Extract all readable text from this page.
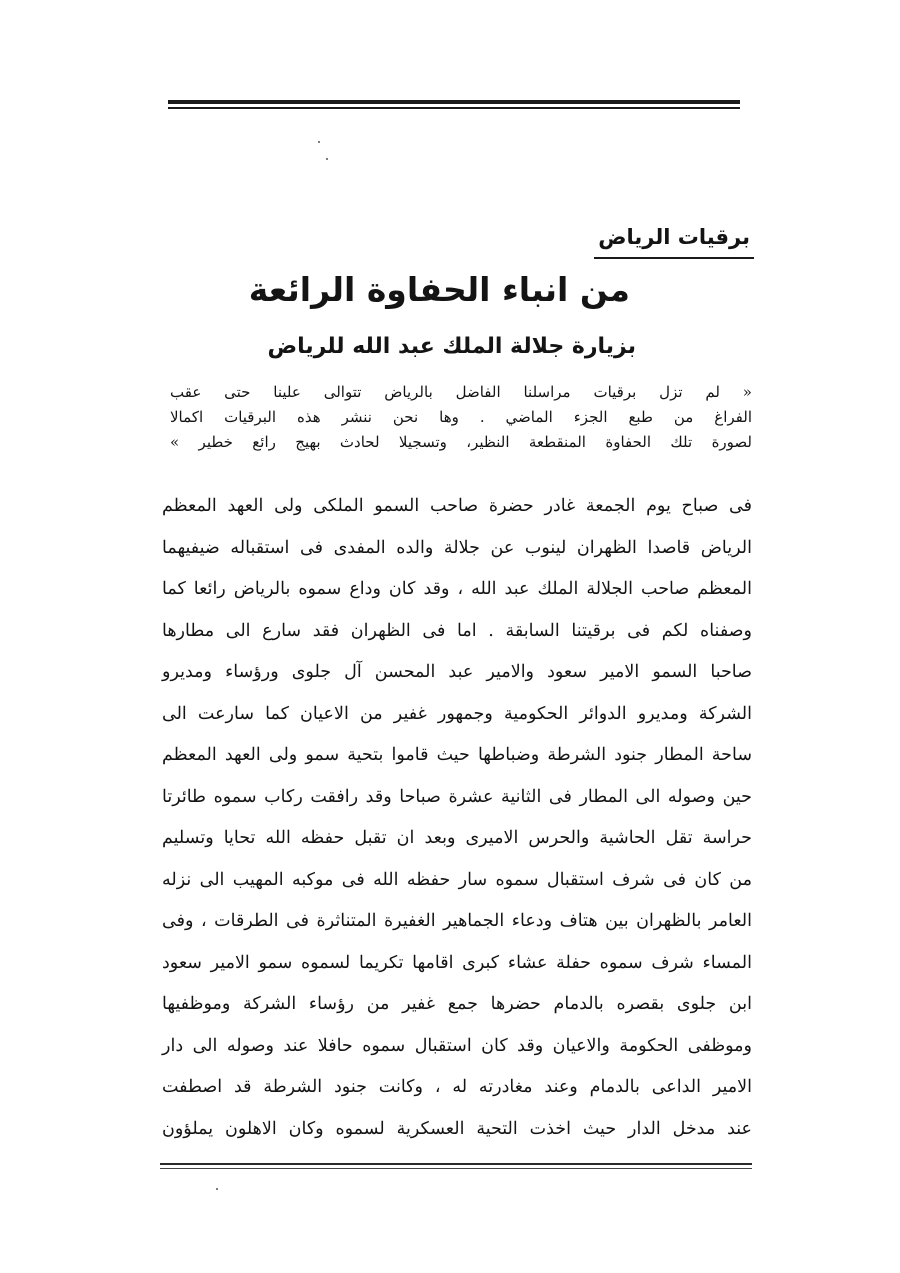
برقيات الرياض
من انباء الحفاوة الرائعة
بزيارة جلالة الملك عبد الله للرياض
« لم تزل برقيات مراسلنا الفاضل بالرياض تتوالى علينا حتى عقب
الفراغ من طبع الجزء الماضي . وها نحن ننشر هذه البرقيات اكمالا
لصورة تلك الحفاوة المنقطعة النظير، وتسجيلا لحادث بهيج رائع خطير »
فى صباح يوم الجمعة غادر حضرة صاحب السمو الملكى ولى العهد المعظم
الرياض قاصدا الظهران لينوب عن جلالة والده المفدى فى استقباله ضيفيهما
المعظم صاحب الجلالة الملك عبد الله ، وقد كان وداع سموه بالرياض رائعا كما
وصفناه لكم فى برقيتنا السابقة . اما فى الظهران فقد سارع الى مطارها
صاحبا السمو الامير سعود والامير عبد المحسن آل جلوى ورؤساء ومديرو
الشركة ومديرو الدوائر الحكومية وجمهور غفير من الاعيان كما سارعت الى
ساحة المطار جنود الشرطة وضباطها حيث قاموا بتحية سمو ولى العهد المعظم
حين وصوله الى المطار فى الثانية عشرة صباحا وقد رافقت ركاب سموه طائرتا
حراسة تقل الحاشية والحرس الاميرى وبعد ان تقبل حفظه الله تحايا وتسليم
من كان فى شرف استقبال سموه سار حفظه الله فى موكبه المهيب الى نزله
العامر بالظهران بين هتاف ودعاء الجماهير الغفيرة المتناثرة فى الطرقات ، وفى
المساء شرف سموه حفلة عشاء كبرى اقامها تكريما لسموه سمو الامير سعود
ابن جلوى بقصره بالدمام حضرها جمع غفير من رؤساء الشركة وموظفيها
وموظفى الحكومة والاعيان وقد كان استقبال سموه حافلا عند وصوله الى دار
الامير الداعى بالدمام وعند مغادرته له ، وكانت جنود الشرطة قد اصطفت
عند مدخل الدار حيث اخذت التحية العسكرية لسموه وكان الاهلون يملؤون
